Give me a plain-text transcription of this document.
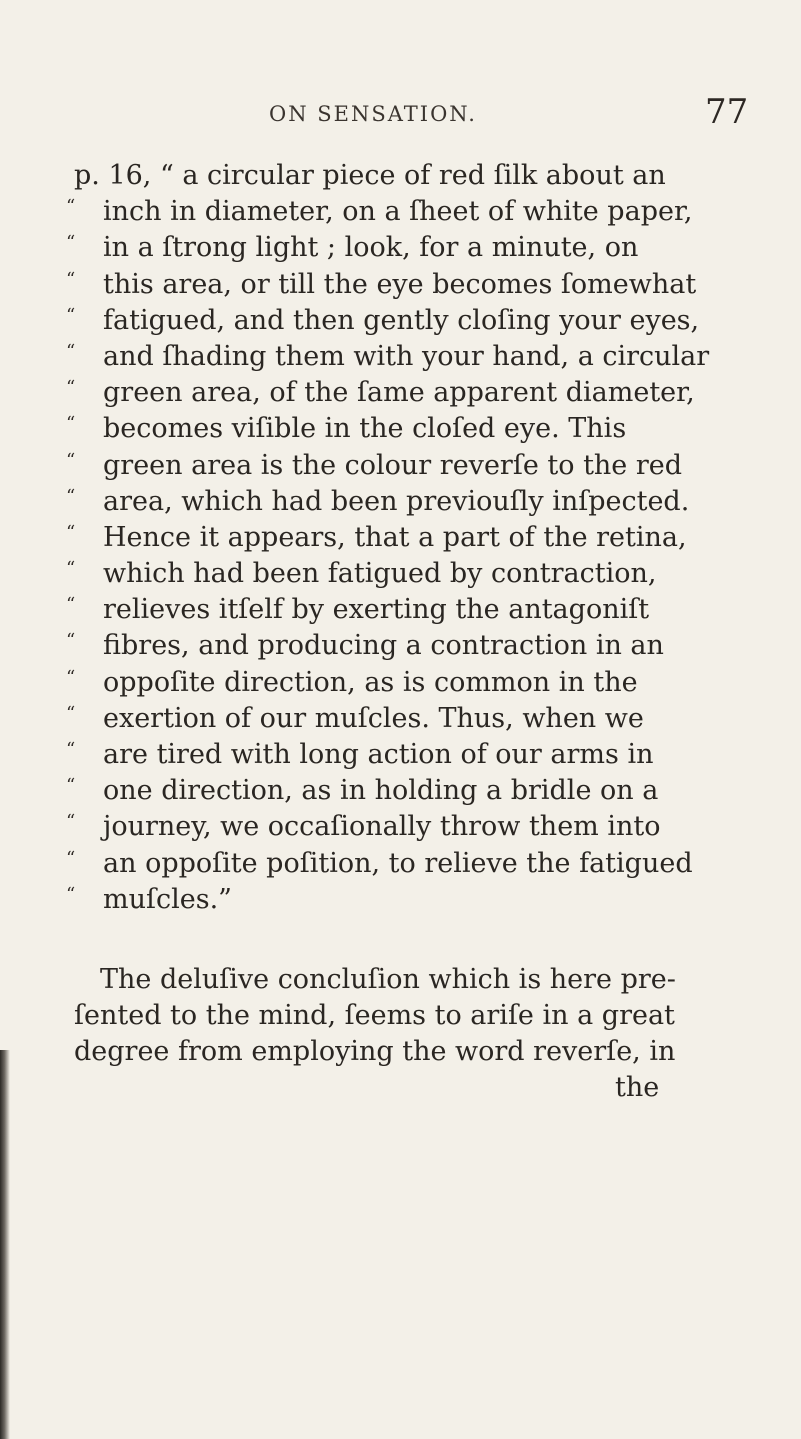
ON SENSATION.	77
p. 16, “ a circular piece of red ſilk about an
“	inch in diameter, on a ſheet of white paper,
“	in a ſtrong light ; look, for a minute, on
“	this area, or till the eye becomes ſomewhat
“	fatigued, and then gently cloſing your eyes,
“	and ſhading them with your hand, a circular
“	green area, of the ſame apparent diameter,
“	becomes viſible in the cloſed eye. This
“	green area is the colour reverſe to the red
“	area, which had been previouſly inſpected.
“	Hence it appears, that a part of the retina,
“	which had been fatigued by contraction,
“	relieves itſelf by exerting the antagoniſt
“	fibres, and producing a contraction in an
“	oppoſite direction, as is common in the
“	exertion of our muſcles. Thus, when we
“	are tired with long action of our arms in
“	one direction, as in holding a bridle on a
“	journey, we occaſionally throw them into
“	an oppoſite poſition, to relieve the fatigued
“	muſcles.”
The deluſive concluſion which is here pre-
ſented to the mind, ſeems to ariſe in a great
degree from employing the word reverſe, in
the
